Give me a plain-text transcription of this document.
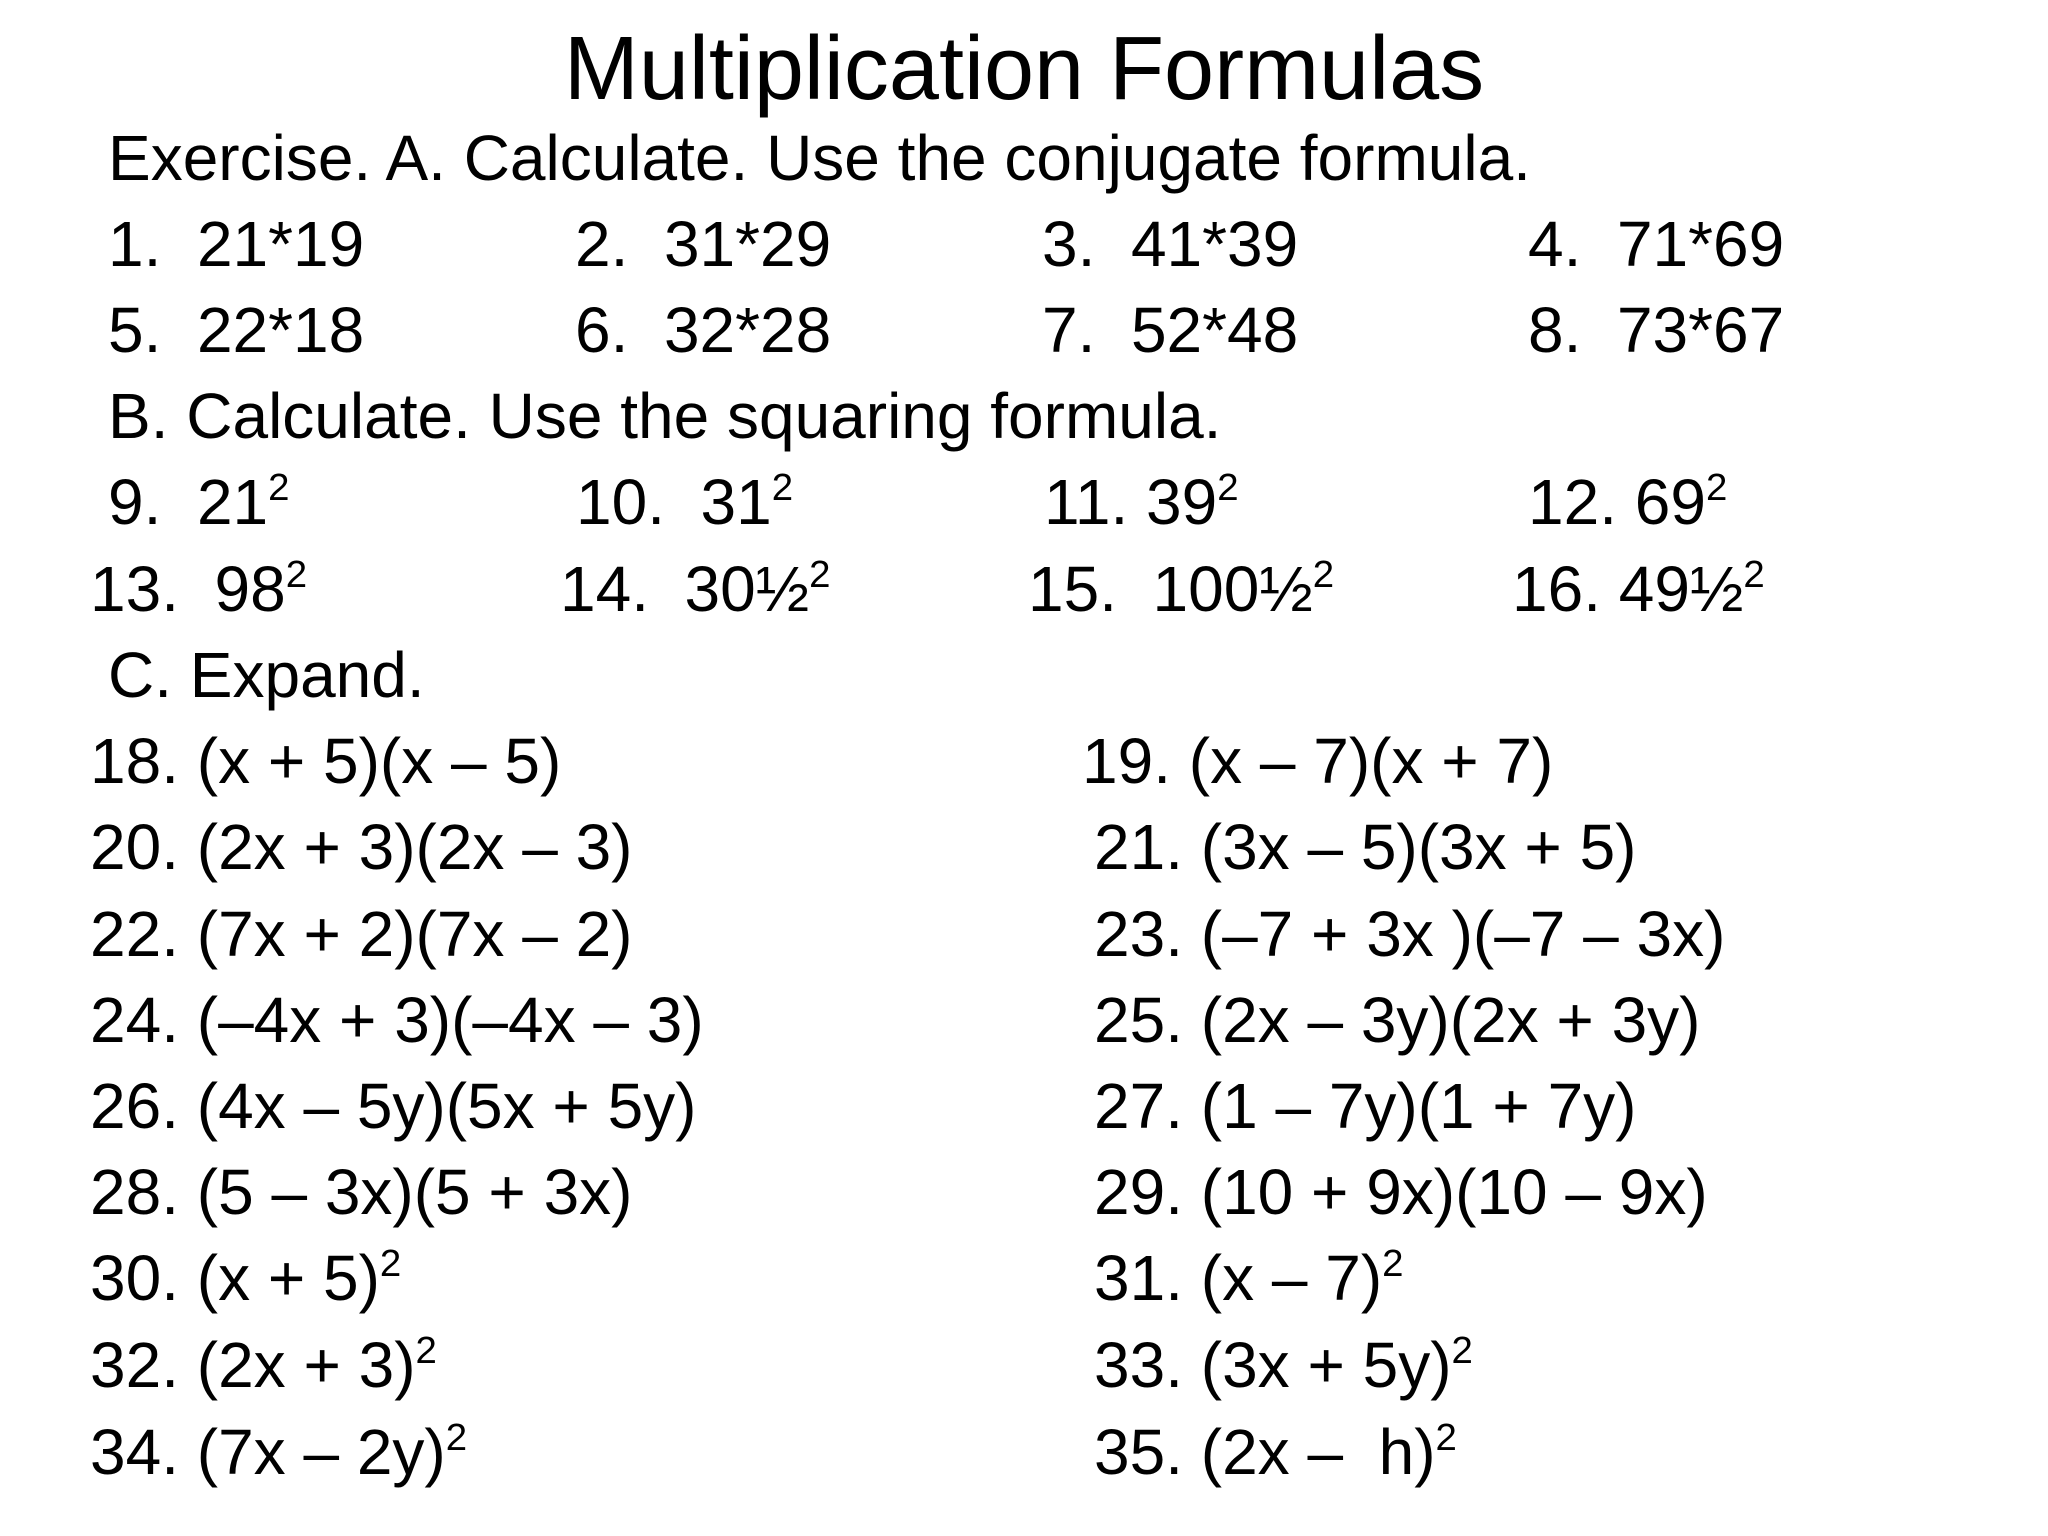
Multiplication Formulas

Exercise. A. Calculate. Use the conjugate formula.

1.  21*19	2.  31*29	3.  41*39	4.  71*69
5.  22*18	6.  32*28	7.  52*48	8.  73*67

B. Calculate. Use the squaring formula.

9.  $21^2$	10.  $31^2$	11. $39^2$	12. $69^2$
13.  $98^2$	14.  30½$^2$	15.  100½$^2$	16. 49½$^2$

C. Expand.

18. (x + 5)(x – 5)	19. (x – 7)(x + 7)
20. (2x + 3)(2x – 3)	21. (3x – 5)(3x + 5)
22. (7x + 2)(7x – 2)	23. (–7 + 3x )(–7 – 3x)
24. (–4x + 3)(–4x – 3)	25. (2x – 3y)(2x + 3y)
26. (4x – 5y)(5x + 5y)	27. (1 – 7y)(1 + 7y)
28. (5 – 3x)(5 + 3x)	29. (10 + 9x)(10 – 9x)
30. $(x + 5)^2$	31. (x – 7)$^2$
32. $(2x + 3)^2$	33. $(3x + 5y)^2$
34. (7x – 2y)$^2$	35. (2x –  h)$^2$
